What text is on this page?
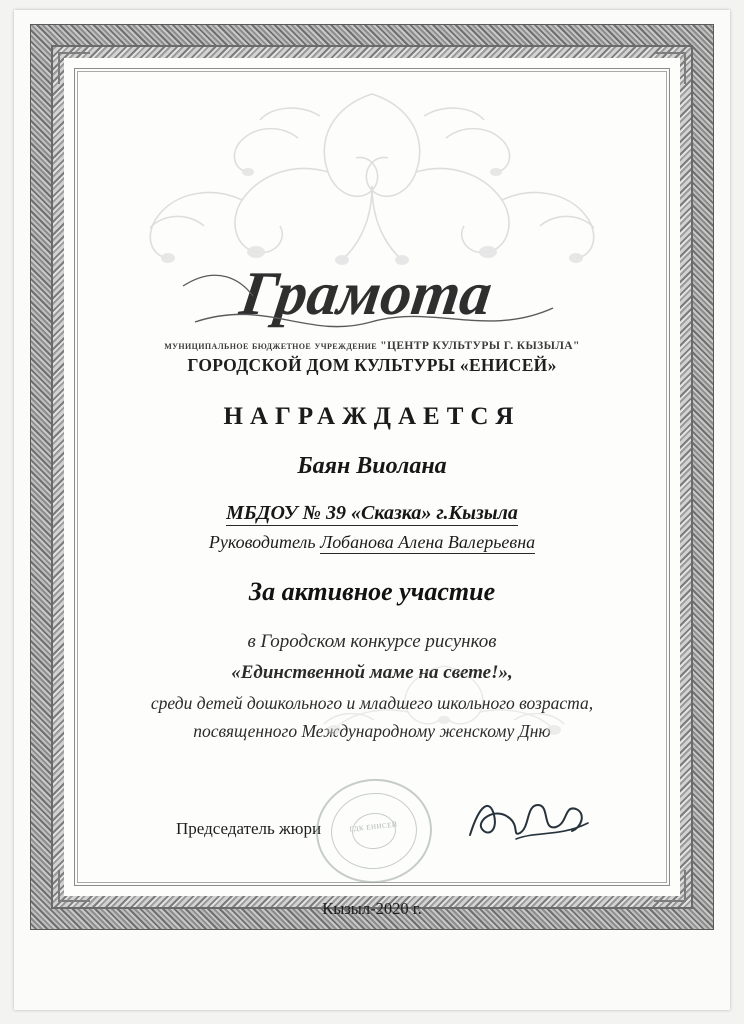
Грамота
муниципальное бюджетное учреждение "ЦЕНТР КУЛЬТУРЫ Г. КЫЗЫЛА"
ГОРОДСКОЙ ДОМ КУЛЬТУРЫ «ЕНИСЕЙ»
НАГРАЖДАЕТСЯ
Баян Виолана
МБДОУ № 39 «Сказка» г.Кызыла
Руководитель Лобанова Алена Валерьевна
За активное участие
в Городском конкурсе рисунков
«Единственной маме на свете!»,
среди детей дошкольного и младшего школьного возраста,
посвященного Международному женскому Дню
Председатель жюри	ГДК ЕНИСЕЙ
Кызыл-2020 г.
